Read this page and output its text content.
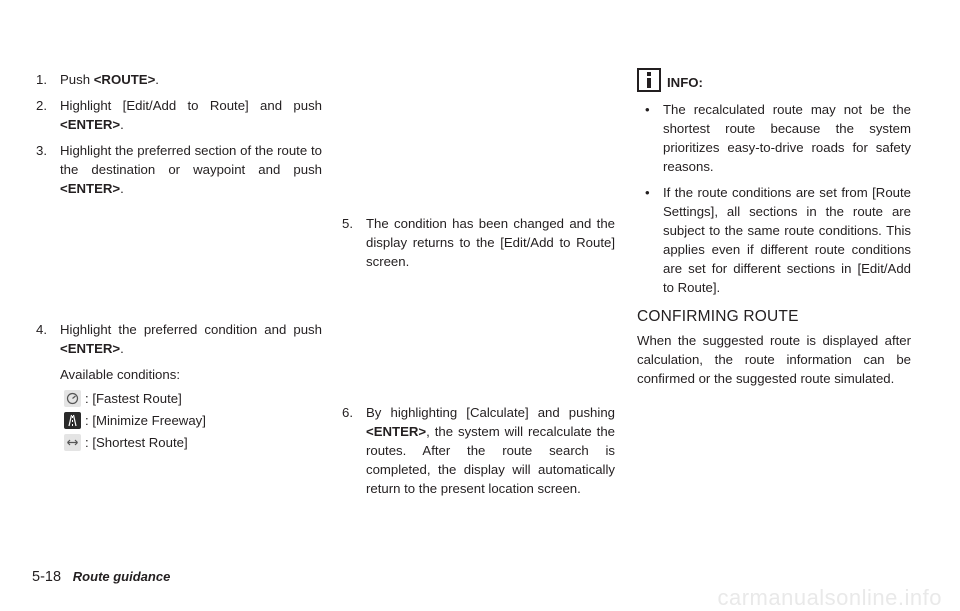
1. Push <ROUTE>.

2. Highlight [Edit/Add to Route] and push <ENTER>.

3. Highlight the preferred section of the route to the destination or waypoint and push <ENTER>.

4. Highlight the preferred condition and push <ENTER>.

Available conditions:

: [Fastest Route]
: [Minimize Freeway]
: [Shortest Route]
5. The condition has been changed and the display returns to the [Edit/Add to Route] screen.

6. By highlighting [Calculate] and pushing <ENTER>, the system will recalculate the routes. After the route search is completed, the display will automatically return to the present location screen.

INFO:

• The recalculated route may not be the shortest route because the system prioritizes easy-to-drive roads for safety reasons.

• If the route conditions are set from [Route Settings], all sections in the route are subject to the same route conditions. This applies even if different route conditions are set for different sections in [Edit/Add to Route].

CONFIRMING ROUTE

When the suggested route is displayed after calculation, the route information can be confirmed or the suggested route simulated.

5-18 Route guidance
carmanualsonline.info
